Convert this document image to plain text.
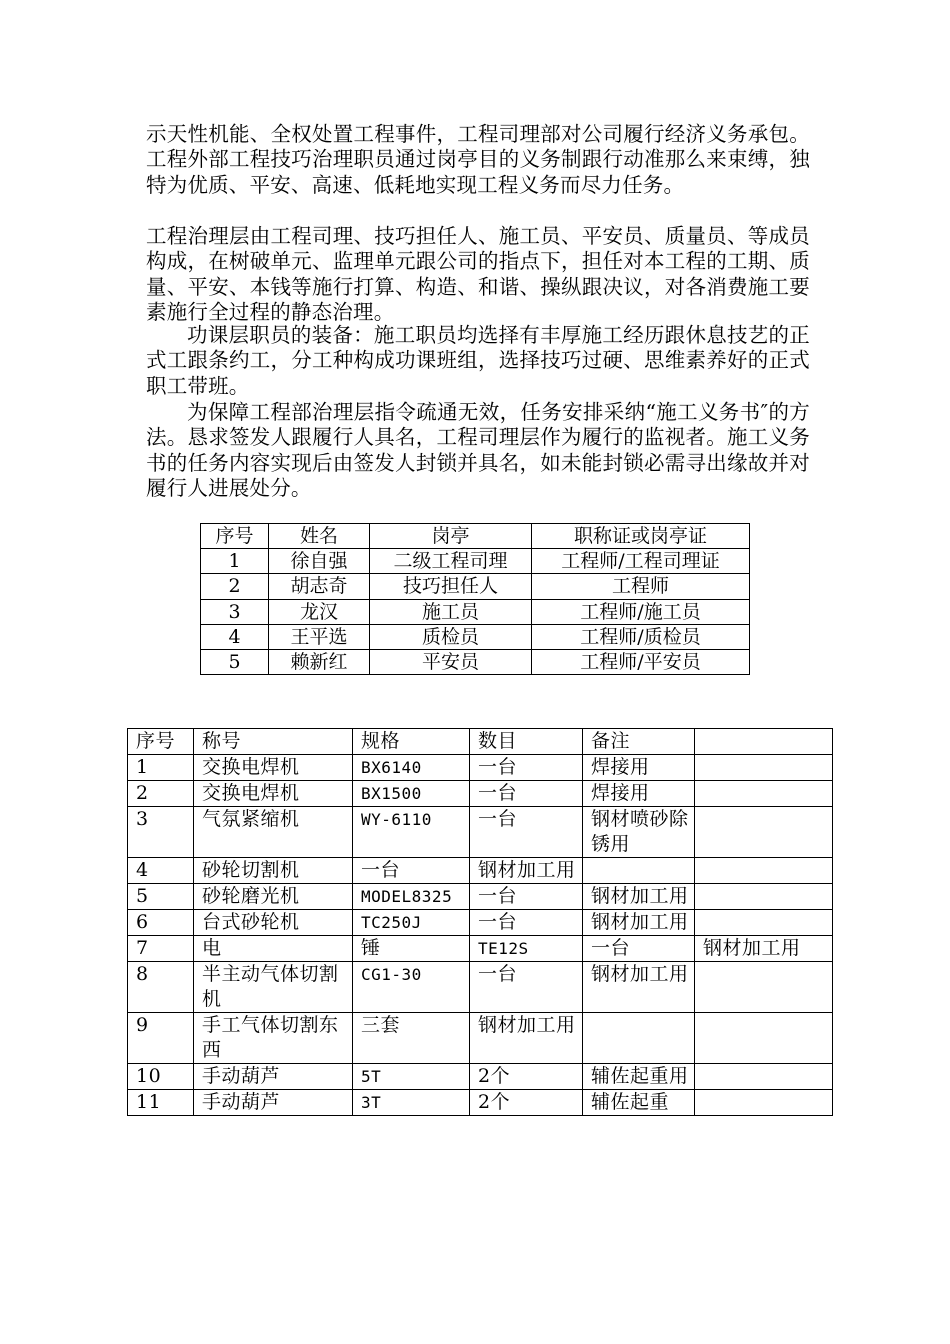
示天性机能、全权处置工程事件，工程司理部对公司履行经济义务承包。工程外部工程技巧治理职员通过岗亭目的义务制跟行动准那么来束缚，独特为优质、平安、高速、低耗地实现工程义务而尽力任务。

工程治理层由工程司理、技巧担任人、施工员、平安员、质量员、等成员构成，在树破单元、监理单元跟公司的指点下，担任对本工程的工期、质量、平安、本钱等施行打算、构造、和谐、操纵跟决议，对各消费施工要素施行全过程的静态治理。

功课层职员的装备：施工职员均选择有丰厚施工经历跟休息技艺的正式工跟条约工，分工种构成功课班组，选择技巧过硬、思维素养好的正式职工带班。

为保障工程部治理层指令疏通无效，任务安排采纳“施工义务书″的方法。恳求签发人跟履行人具名，工程司理层作为履行的监视者。施工义务书的任务内容实现后由签发人封锁并具名，如未能封锁必需寻出缘故并对履行人进展处分。

序号	姓名	岗亭	职称证或岗亭证
1	徐自强	二级工程司理	工程师/工程司理证
2	胡志奇	技巧担任人	工程师
3	龙汉	施工员	工程师/施工员
4	王平选	质检员	工程师/质检员
5	赖新红	平安员	工程师/平安员
序号	称号	规格	数目	备注	
1	交换电焊机	BX6140	一台	焊接用	
2	交换电焊机	BX1500	一台	焊接用	
3	气氛紧缩机	WY-6110	一台	钢材喷砂除锈用	
4	砂轮切割机	一台	钢材加工用		
5	砂轮磨光机	MODEL8325	一台	钢材加工用	
6	台式砂轮机	TC250J	一台	钢材加工用	
7	电	锤	TE12S	一台	钢材加工用
8	半主动气体切割机	CG1-30	一台	钢材加工用	
9	手工气体切割东西	三套	钢材加工用		
10	手动葫芦	5T	2个	辅佐起重用	
11	手动葫芦	3T	2个	辅佐起重	
